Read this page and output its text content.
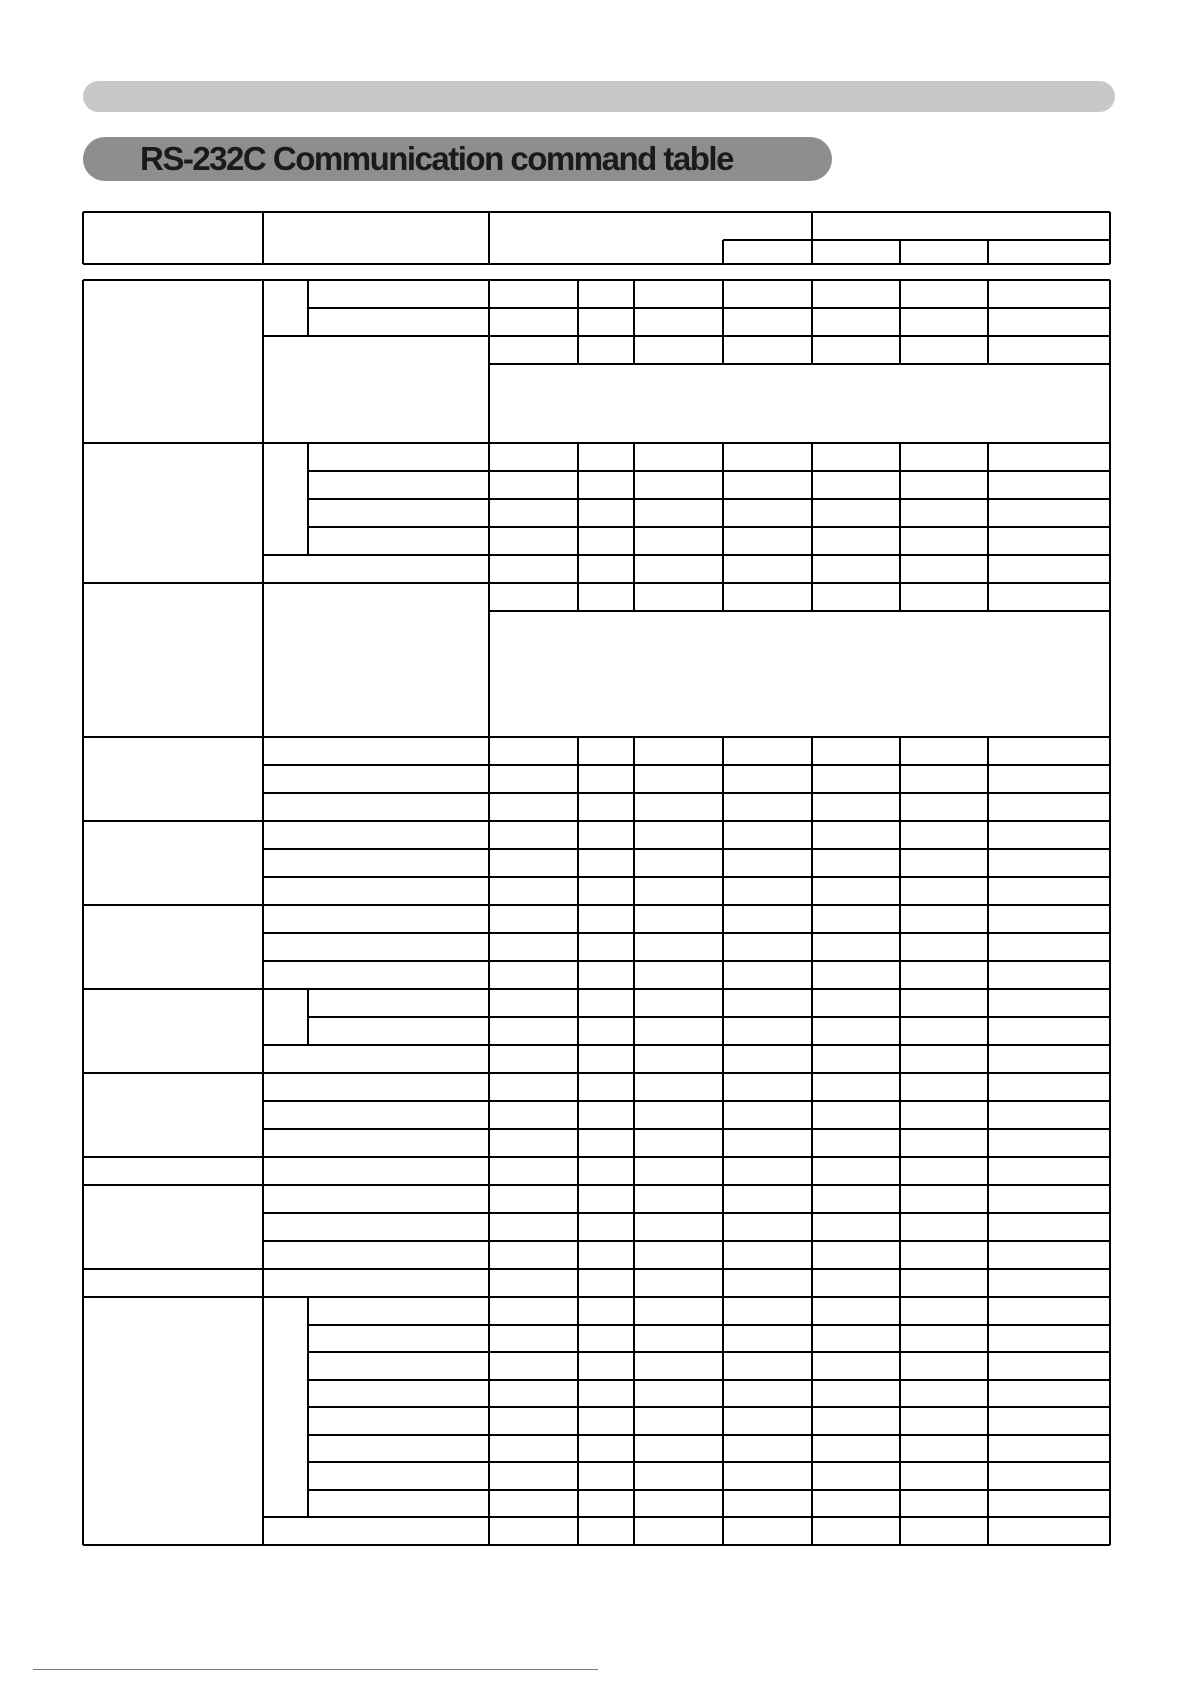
RS-232C Communication command table
